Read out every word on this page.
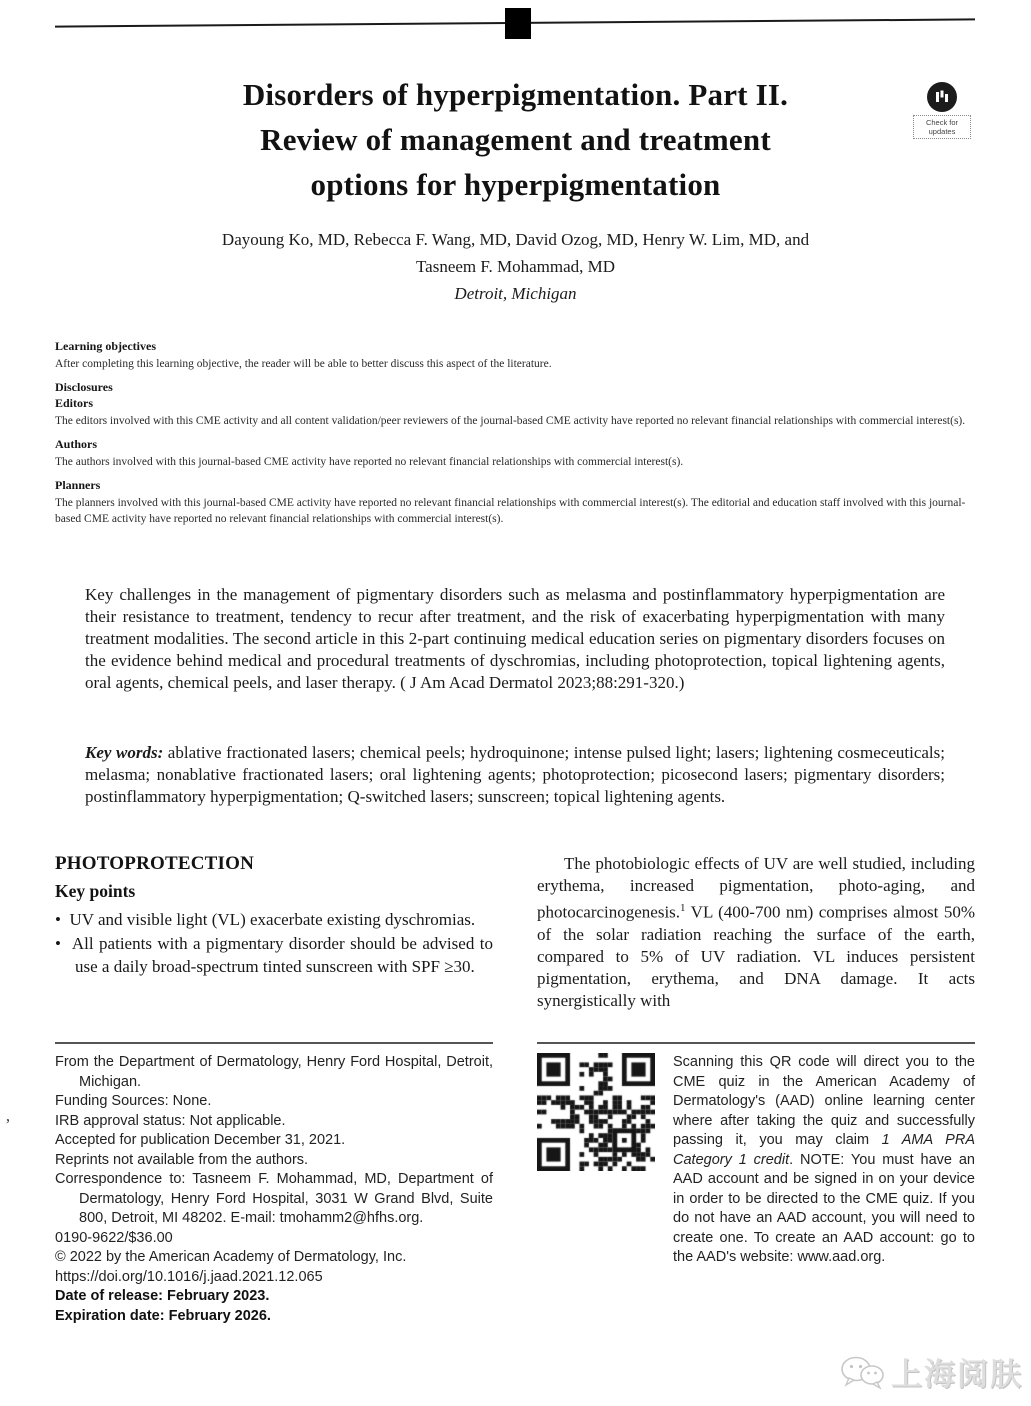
Disorders of hyperpigmentation. Part II.
Review of management and treatment
options for hyperpigmentation
Check for
updates
Dayoung Ko, MD, Rebecca F. Wang, MD, David Ozog, MD, Henry W. Lim, MD, and
Tasneem F. Mohammad, MD
Detroit, Michigan
Learning objectives

After completing this learning objective, the reader will be able to better discuss this aspect of the literature.

Disclosures
Editors

The editors involved with this CME activity and all content validation/peer reviewers of the journal-based CME activity have reported no relevant financial relationships with commercial interest(s).

Authors

The authors involved with this journal-based CME activity have reported no relevant financial relationships with commercial interest(s).

Planners

The planners involved with this journal-based CME activity have reported no relevant financial relationships with commercial interest(s). The editorial and education staff involved with this journal-based CME activity have reported no relevant financial relationships with commercial interest(s).

Key challenges in the management of pigmentary disorders such as melasma and postinflammatory hyperpigmentation are their resistance to treatment, tendency to recur after treatment, and the risk of exacerbating hyperpigmentation with many treatment modalities. The second article in this 2-part continuing medical education series on pigmentary disorders focuses on the evidence behind medical and procedural treatments of dyschromias, including photoprotection, topical lightening agents, oral agents, chemical peels, and laser therapy. ( J Am Acad Dermatol 2023;88:291-320.)

Key words: ablative fractionated lasers; chemical peels; hydroquinone; intense pulsed light; lasers; lightening cosmeceuticals; melasma; nonablative fractionated lasers; oral lightening agents; photoprotection; picosecond lasers; pigmentary disorders; postinflammatory hyperpigmentation; Q-switched lasers; sunscreen; topical lightening agents.

PHOTOPROTECTION
Key points
•  UV and visible light (VL) exacerbate existing dyschromias.
•  All patients with a pigmentary disorder should be advised to use a daily broad-spectrum tinted sunscreen with SPF ≥30.

The photobiologic effects of UV are well studied, including erythema, increased pigmentation, photo-aging, and photocarcinogenesis.$^1$ VL (400-700 nm) comprises almost 50% of the solar radiation reaching the surface of the earth, compared to 5% of UV radiation. VL induces persistent pigmentation, erythema, and DNA damage. It acts synergistically with

From the Department of Dermatology, Henry Ford Hospital, Detroit, Michigan.
Funding Sources: None.
IRB approval status: Not applicable.
Accepted for publication December 31, 2021.
Reprints not available from the authors.
Correspondence to: Tasneem F. Mohammad, MD, Department of Dermatology, Henry Ford Hospital, 3031 W Grand Blvd, Suite 800, Detroit, MI 48202. E-mail: tmohamm2@hfhs.org.
0190-9622/$36.00
© 2022 by the American Academy of Dermatology, Inc.
https://doi.org/10.1016/j.jaad.2021.12.065
Date of release: February 2023.
Expiration date: February 2026.

Scanning this QR code will direct you to the CME quiz in the American Academy of Dermatology's (AAD) online learning center where after taking the quiz and successfully passing it, you may claim 1 AMA PRA Category 1 credit. NOTE: You must have an AAD account and be signed in on your device in order to be directed to the CME quiz. If you do not have an AAD account, you will need to create one. To create an AAD account: go to the AAD's website: www.aad.org.

’
上海阅肤
